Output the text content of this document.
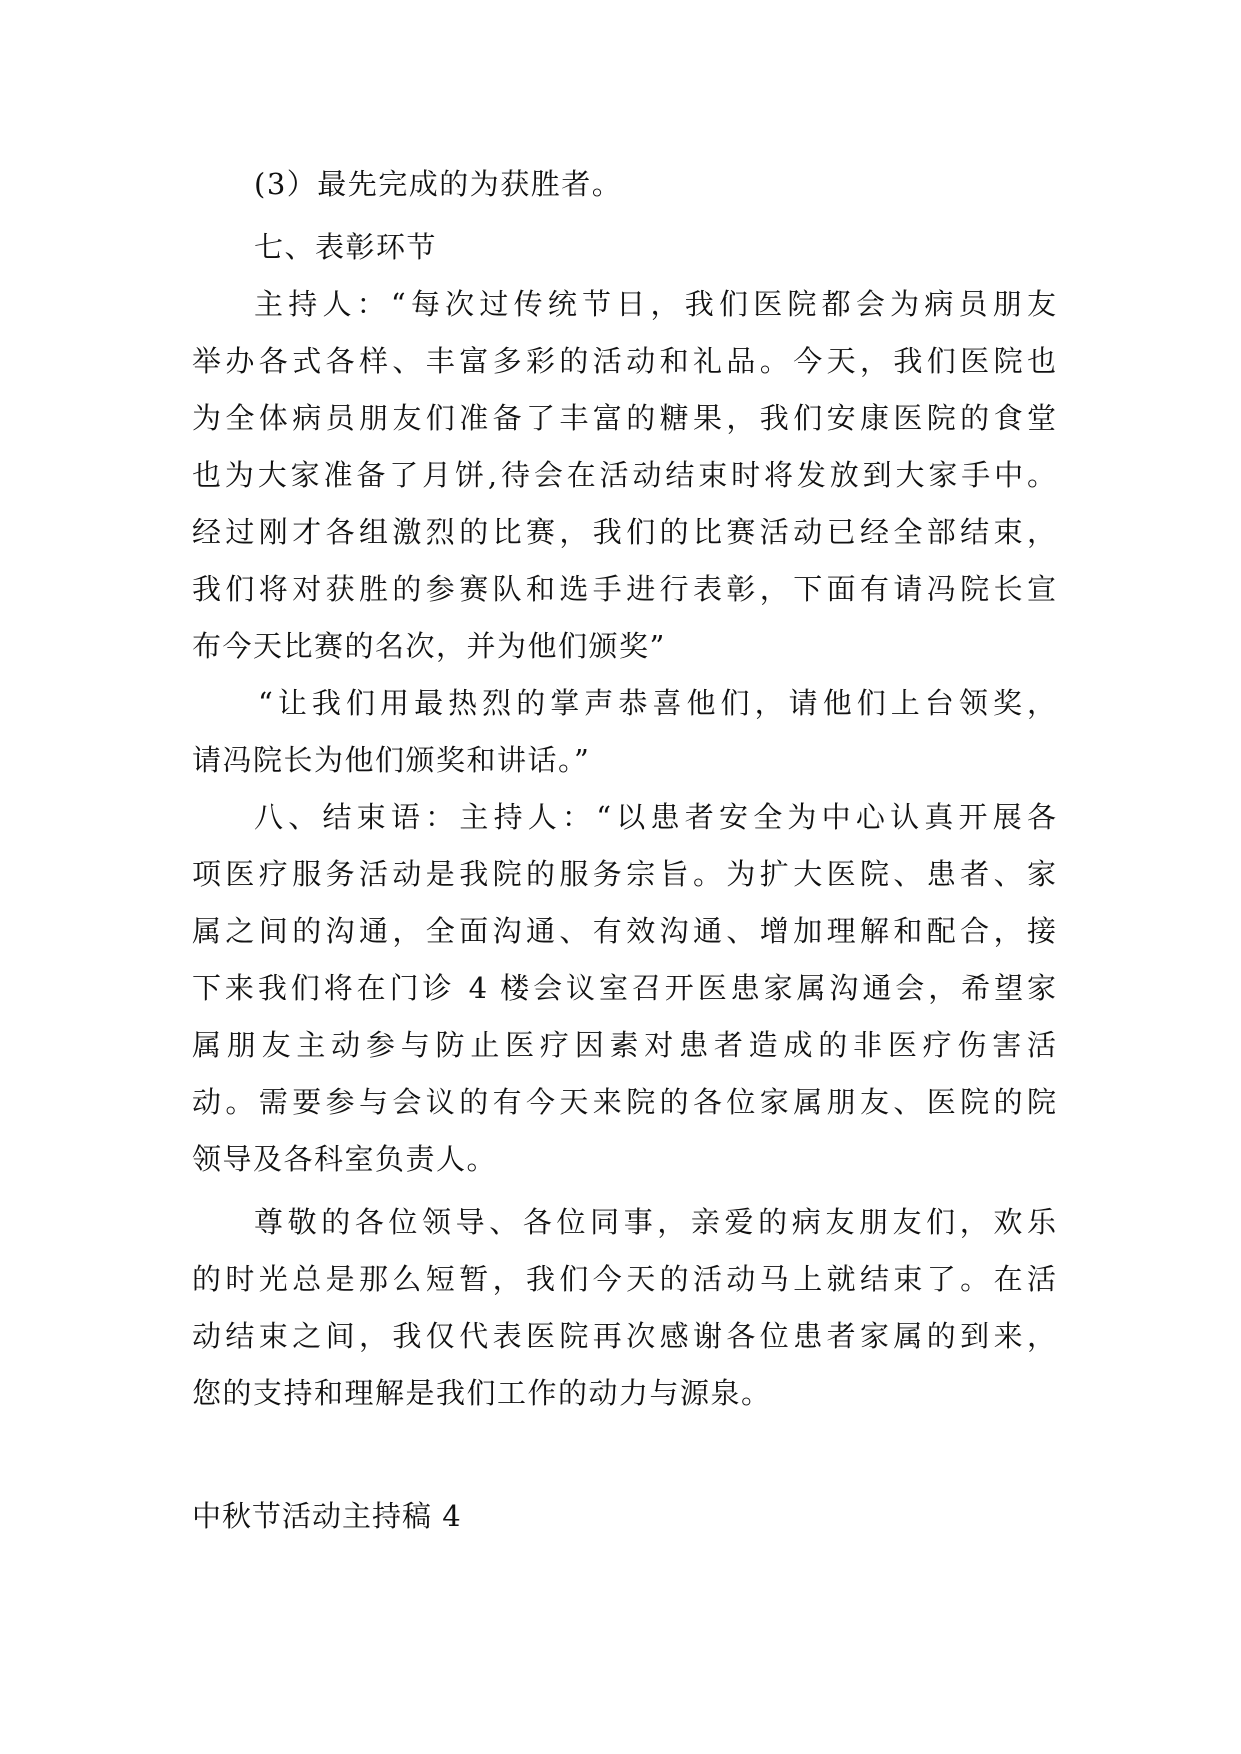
(3）最先完成的为获胜者。

七、表彰环节

主持人：“每次过传统节日，我们医院都会为病员朋友

举办各式各样、丰富多彩的活动和礼品。今天，我们医院也

为全体病员朋友们准备了丰富的糖果，我们安康医院的食堂

也为大家准备了月饼,待会在活动结束时将发放到大家手中。

经过刚才各组激烈的比赛，我们的比赛活动已经全部结束，

我们将对获胜的参赛队和选手进行表彰，下面有请冯院长宣

布今天比赛的名次，并为他们颁奖”

“让我们用最热烈的掌声恭喜他们，请他们上台领奖，

请冯院长为他们颁奖和讲话。”

八、结束语：主持人：“以患者安全为中心认真开展各

项医疗服务活动是我院的服务宗旨。为扩大医院、患者、家

属之间的沟通，全面沟通、有效沟通、增加理解和配合，接

下来我们将在门诊 4 楼会议室召开医患家属沟通会，希望家

属朋友主动参与防止医疗因素对患者造成的非医疗伤害活

动。需要参与会议的有今天来院的各位家属朋友、医院的院

领导及各科室负责人。

尊敬的各位领导、各位同事，亲爱的病友朋友们，欢乐

的时光总是那么短暂，我们今天的活动马上就结束了。在活

动结束之间，我仅代表医院再次感谢各位患者家属的到来，

您的支持和理解是我们工作的动力与源泉。

中秋节活动主持稿 4
